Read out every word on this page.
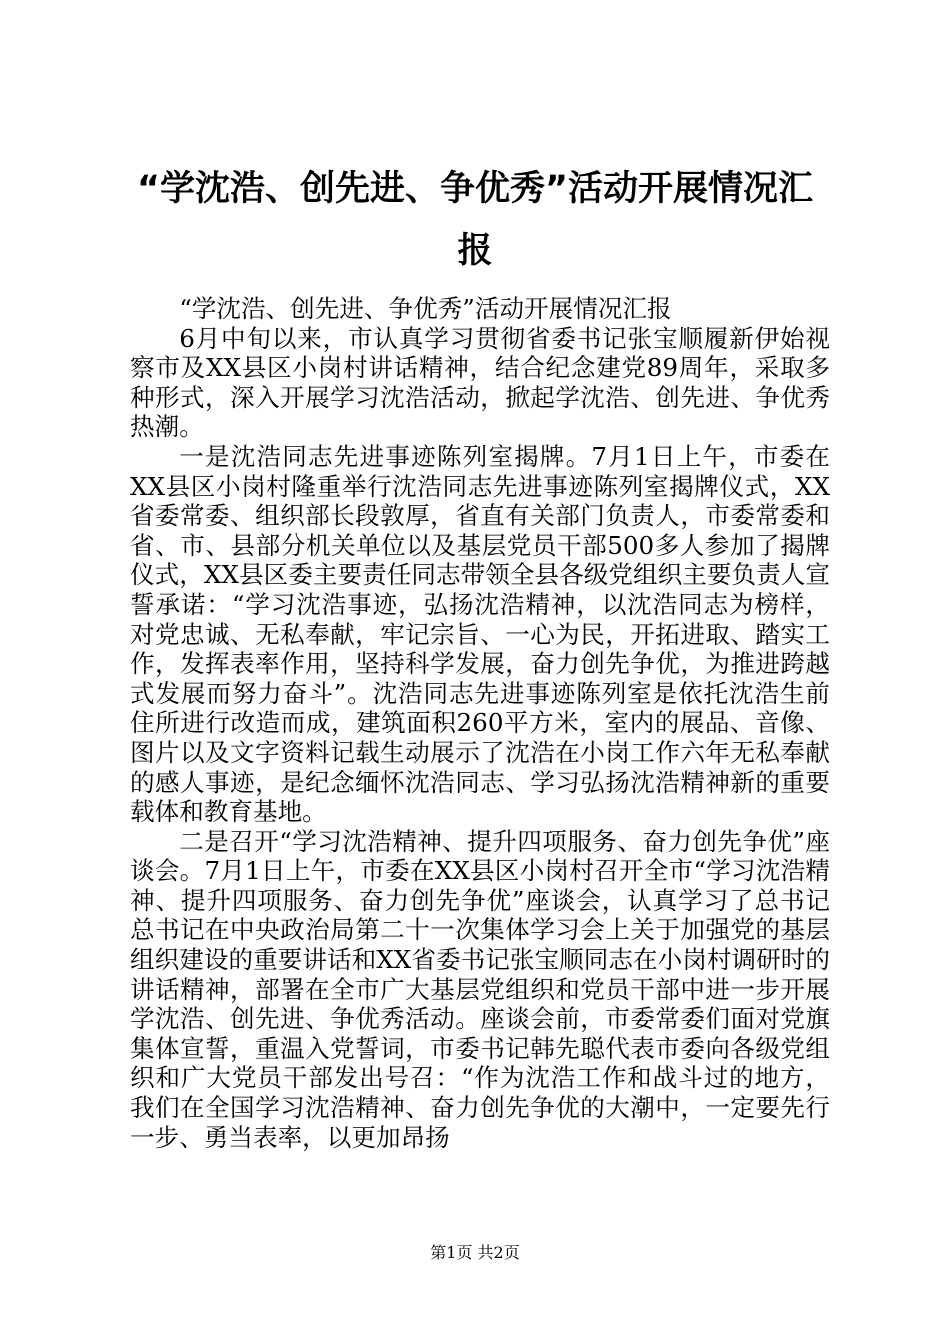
“学沈浩、创先进、争优秀”活动开展情况汇报

“学沈浩、创先进、争优秀”活动开展情况汇报

6月中旬以来，市认真学习贯彻省委书记张宝顺履新伊始视察市及XX县区小岗村讲话精神，结合纪念建党89周年，采取多种形式，深入开展学习沈浩活动，掀起学沈浩、创先进、争优秀热潮。

一是沈浩同志先进事迹陈列室揭牌。7月1日上午，市委在XX县区小岗村隆重举行沈浩同志先进事迹陈列室揭牌仪式，XX省委常委、组织部长段敦厚，省直有关部门负责人，市委常委和省、市、县部分机关单位以及基层党员干部500多人参加了揭牌仪式，XX县区委主要责任同志带领全县各级党组织主要负责人宣誓承诺：“学习沈浩事迹，弘扬沈浩精神，以沈浩同志为榜样，对党忠诚、无私奉献，牢记宗旨、一心为民，开拓进取、踏实工作，发挥表率作用，坚持科学发展，奋力创先争优，为推进跨越式发展而努力奋斗”。沈浩同志先进事迹陈列室是依托沈浩生前住所进行改造而成，建筑面积260平方米，室内的展品、音像、图片以及文字资料记载生动展示了沈浩在小岗工作六年无私奉献的感人事迹，是纪念缅怀沈浩同志、学习弘扬沈浩精神新的重要载体和教育基地。

二是召开“学习沈浩精神、提升四项服务、奋力创先争优”座谈会。7月1日上午，市委在XX县区小岗村召开全市“学习沈浩精神、提升四项服务、奋力创先争优”座谈会，认真学习了总书记总书记在中央政治局第二十一次集体学习会上关于加强党的基层组织建设的重要讲话和XX省委书记张宝顺同志在小岗村调研时的讲话精神，部署在全市广大基层党组织和党员干部中进一步开展学沈浩、创先进、争优秀活动。座谈会前，市委常委们面对党旗集体宣誓，重温入党誓词，市委书记韩先聪代表市委向各级党组织和广大党员干部发出号召：“作为沈浩工作和战斗过的地方，我们在全国学习沈浩精神、奋力创先争优的大潮中，一定要先行一步、勇当表率，以更加昂扬

第1页 共2页
